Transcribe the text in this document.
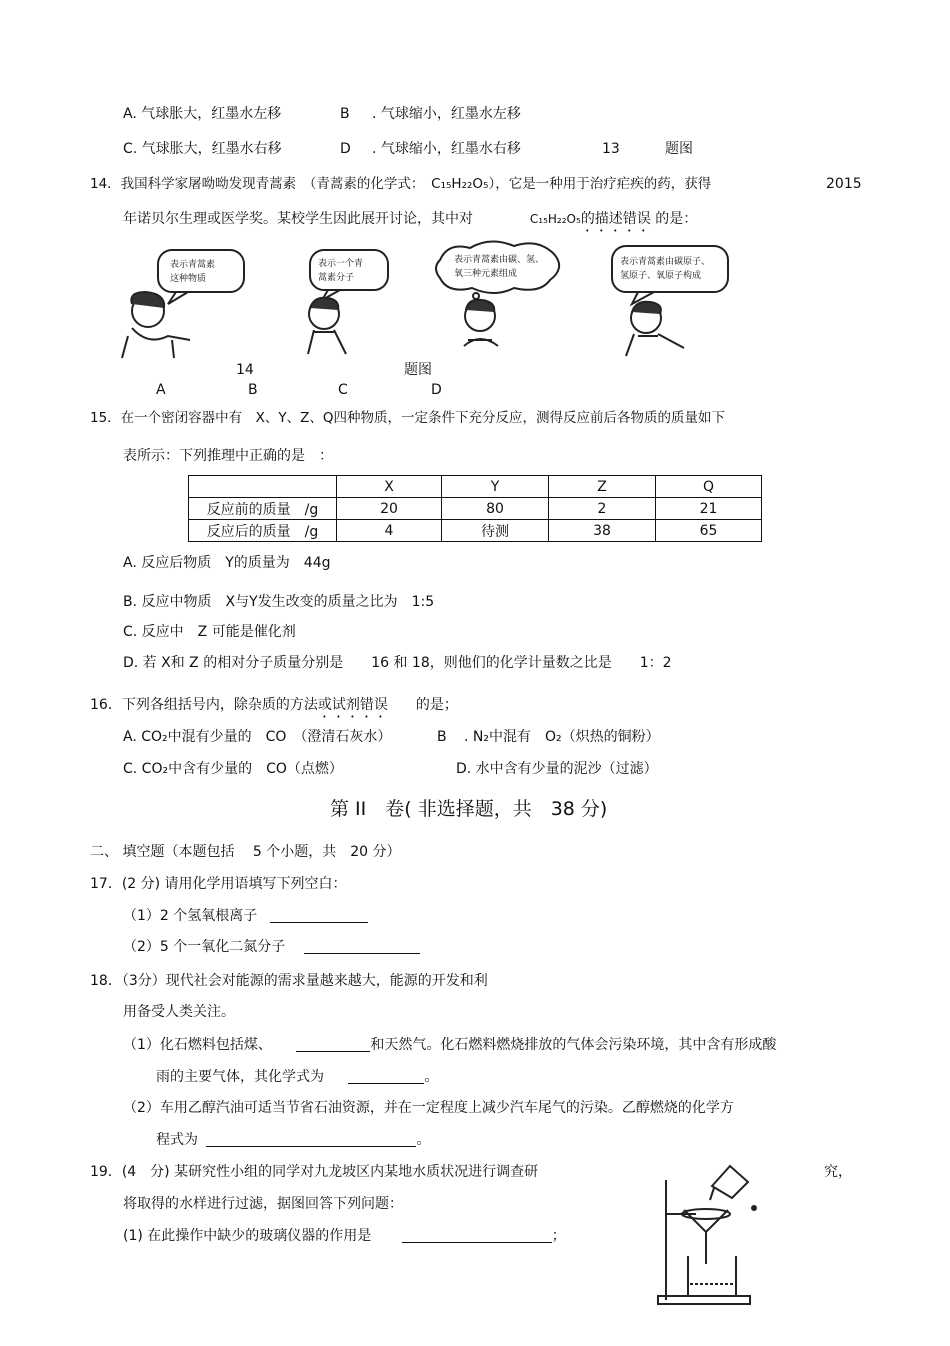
A. 气球胀大，红墨水左移	B . 气球缩小，红墨水左移
C. 气球胀大，红墨水右移	D . 气球缩小，红墨水右移	13	题图
14．我国科学家屠呦呦发现青蒿素　（青蒿素的化学式：　C₁₅H₂₂O₅），它是一种用于治疗疟疾的药，获得	2015
年诺贝尔生理或医学奖。某校学生因此展开讨论，其中对	C₁₅H₂₂O₅的描述错误 的是：
表示青蒿素
这种物质
表示一个青
蒿素分子
表示青蒿素由碳、氢、
氧三种元素组成
表示青蒿素由碳原子、
氢原子、氧原子构成
14	题图
A	B	C	D
15．在一个密闭容器中有　X、Y、Z、Q四种物质，一定条件下充分反应，测得反应前后各物质的质量如下
表所示：下列推理中正确的是　：
	X	Y	Z	Q
反应前的质量　/g	20	80	2	21
反应后的质量　/g	4	待测	38	65
A. 反应后物质　Y的质量为　44g
B. 反应中物质　X与Y发生改变的质量之比为　1:5
C. 反应中　Z 可能是催化剂
D. 若 X和 Z 的相对分子质量分别是　　16 和 18，则他们的化学计量数之比是　　1：2
16．下列各组括号内，除杂质的方法或试剂错误　　的是；
A. CO₂中混有少量的　CO　（澄清石灰水）	B . N₂中混有　O₂（炽热的铜粉）
C. CO₂中含有少量的　CO（点燃）	D. 水中含有少量的泥沙（过滤）
第 II　卷( 非选择题，共　38 分)
二、 填空题（本题包括　 5 个小题，共　20 分）
17．(2 分) 请用化学用语填写下列空白：
（1）2 个氢氧根离子
（2）5 个一氧化二氮分子
18．（3分）现代社会对能源的需求量越来越大，能源的开发和利
用备受人类关注。
（1）化石燃料包括煤、	和天然气。化石燃料燃烧排放的气体会污染环境，其中含有形成酸
雨的主要气体，其化学式为	。
（2）车用乙醇汽油可适当节省石油资源，并在一定程度上减少汽车尾气的污染。乙醇燃烧的化学方
程式为	。
19．(4　分) 某研究性小组的同学对九龙坡区内某地水质状况进行调查研	究，
将取得的水样进行过滤，据图回答下列问题：
(1) 在此操作中缺少的玻璃仪器的作用是	；
